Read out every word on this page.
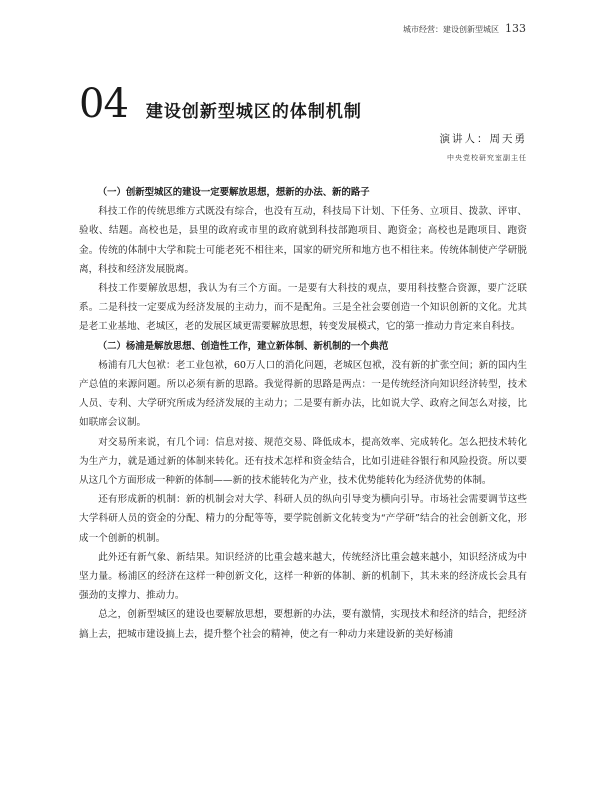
城市经营：建设创新型城区 133
04 建设创新型城区的体制机制
演讲人：周天勇
中央党校研究室副主任
（一）创新型城区的建设一定要解放思想，想新的办法、新的路子

科技工作的传统思维方式既没有综合，也没有互动，科技局下计划、下任务、立项目、拨款、评审、验收、结题。高校也是，县里的政府或市里的政府就到科技部跑项目、跑资金；高校也是跑项目、跑资金。传统的体制中大学和院士可能老死不相往来，国家的研究所和地方也不相往来。传统体制使产学研脱离，科技和经济发展脱离。

科技工作要解放思想，我认为有三个方面。一是要有大科技的观点，要用科技整合资源，要广泛联系。二是科技一定要成为经济发展的主动力，而不是配角。三是全社会要创造一个知识创新的文化。尤其是老工业基地、老城区，老的发展区域更需要解放思想，转变发展模式，它的第一推动力肯定来自科技。

（二）杨浦是解放思想、创造性工作，建立新体制、新机制的一个典范

杨浦有几大包袱：老工业包袱，60万人口的消化问题，老城区包袱，没有新的扩张空间；新的国内生产总值的来源问题。所以必须有新的思路。我觉得新的思路是两点：一是传统经济向知识经济转型，技术人员、专利、大学研究所成为经济发展的主动力；二是要有新办法，比如说大学、政府之间怎么对接，比如联席会议制。

对交易所来说，有几个词：信息对接、规范交易、降低成本，提高效率、完成转化。怎么把技术转化为生产力，就是通过新的体制来转化。还有技术怎样和资金结合，比如引进硅谷银行和风险投资。所以要从这几个方面形成一种新的体制——新的技术能转化为产业，技术优势能转化为经济优势的体制。

还有形成新的机制：新的机制会对大学、科研人员的纵向引导变为横向引导。市场社会需要调节这些大学科研人员的资金的分配、精力的分配等等，要学院创新文化转变为“产学研”结合的社会创新文化，形成一个创新的机制。

此外还有新气象、新结果。知识经济的比重会越来越大，传统经济比重会越来越小，知识经济成为中坚力量。杨浦区的经济在这样一种创新文化，这样一种新的体制、新的机制下，其未来的经济成长会具有强劲的支撑力、推动力。

总之，创新型城区的建设也要解放思想，要想新的办法，要有激情，实现技术和经济的结合，把经济搞上去，把城市建设搞上去，提升整个社会的精神，使之有一种动力来建设新的美好杨浦
